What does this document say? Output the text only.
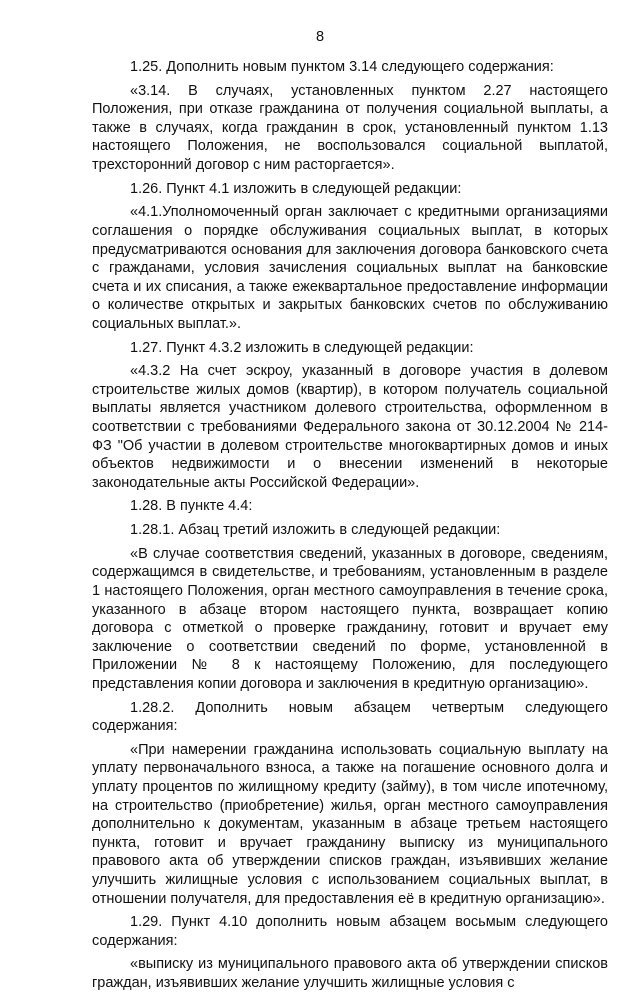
8

1.25. Дополнить новым пунктом 3.14 следующего содержания:

«3.14. В случаях, установленных пунктом 2.27 настоящего Положения, при отказе гражданина от получения социальной выплаты, а также в случаях, когда гражданин в срок, установленный пунктом 1.13 настоящего Положения, не воспользовался социальной выплатой, трехсторонний договор с ним расторгается».

1.26. Пункт 4.1 изложить в следующей редакции:

«4.1.Уполномоченный орган заключает с кредитными организациями соглашения о порядке обслуживания социальных выплат, в которых предусматриваются основания для заключения договора банковского счета с гражданами, условия зачисления социальных выплат на банковские счета и их списания, а также ежеквартальное предоставление информации о количестве открытых и закрытых банковских счетов по обслуживанию социальных выплат.».

1.27. Пункт 4.3.2 изложить в следующей редакции:

«4.3.2 На счет эскроу, указанный в договоре участия в долевом строительстве жилых домов (квартир), в котором получатель социальной выплаты является участником долевого строительства, оформленном в соответствии с требованиями Федерального закона от 30.12.2004 № 214-ФЗ "Об участии в долевом строительстве многоквартирных домов и иных объектов недвижимости и о внесении изменений в некоторые законодательные акты Российской Федерации».

1.28. В пункте 4.4:

1.28.1. Абзац третий изложить в следующей редакции:

«В случае соответствия сведений, указанных в договоре, сведениям, содержащимся в свидетельстве, и требованиям, установленным в разделе 1 настоящего Положения, орган местного самоуправления в течение срока, указанного в абзаце втором настоящего пункта, возвращает копию договора с отметкой о проверке гражданину, готовит и вручает ему заключение о соответствии сведений по форме, установленной в Приложении № 8 к настоящему Положению, для последующего представления копии договора и заключения в кредитную организацию».

1.28.2. Дополнить новым абзацем четвертым следующего содержания:

«При намерении гражданина использовать социальную выплату на уплату первоначального взноса, а также на погашение основного долга и уплату процентов по жилищному кредиту (займу), в том числе ипотечному, на строительство (приобретение) жилья, орган местного самоуправления дополнительно к документам, указанным в абзаце третьем настоящего пункта, готовит и вручает гражданину выписку из муниципального правового акта об утверждении списков граждан, изъявивших желание улучшить жилищные условия с использованием социальных выплат, в отношении получателя, для предоставления её в кредитную организацию».

1.29. Пункт 4.10 дополнить новым абзацем восьмым следующего содержания:

«выписку из муниципального правового акта об утверждении списков граждан, изъявивших желание улучшить жилищные условия с
